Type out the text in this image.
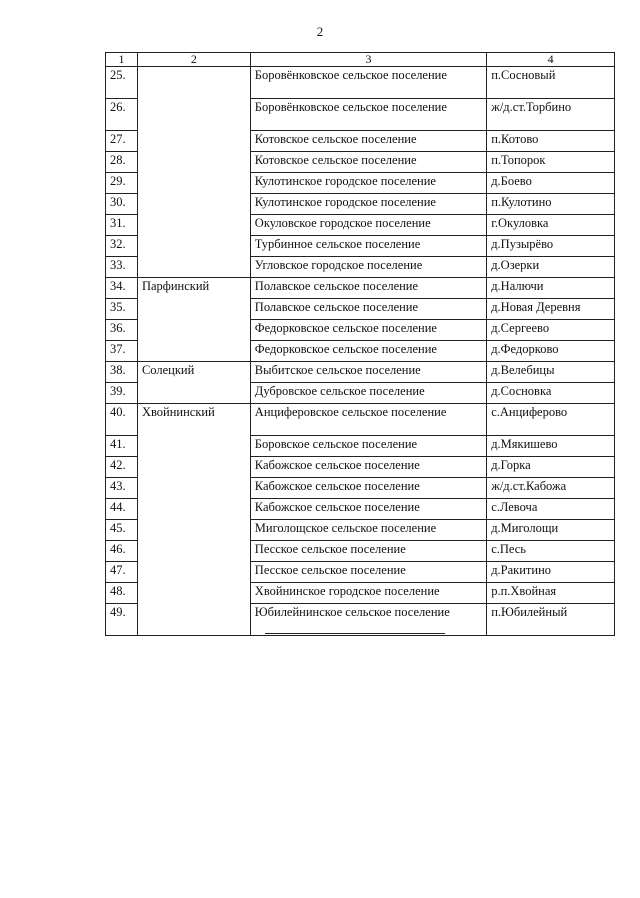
2
1	2	3	4
25.		Боровёнковское сельское поселение	п.Сосновый
26.		Боровёнковское сельское поселение	ж/д.ст.Торбино
27.		Котовское сельское поселение	п.Котово
28.		Котовское сельское поселение	п.Топорок
29.		Кулотинское городское поселение	д.Боево
30.		Кулотинское городское поселение	п.Кулотино
31.		Окуловское городское поселение	г.Окуловка
32.		Турбинное сельское поселение	д.Пузырёво
33.		Угловское городское поселение	д.Озерки
34.	Парфинский	Полавское сельское поселение	д.Налючи
35.		Полавское сельское поселение	д.Новая Деревня
36.		Федорковское сельское поселение	д.Сергеево
37.		Федорковское сельское поселение	д.Федорково
38.	Солецкий	Выбитское сельское поселение	д.Велебицы
39.		Дубровское сельское поселение	д.Сосновка
40.	Хвойнинский	Анциферовское сельское поселение	с.Анциферово
41.		Боровское сельское поселение	д.Мякишево
42.		Кабожское сельское поселение	д.Горка
43.		Кабожское сельское поселение	ж/д.ст.Кабожа
44.		Кабожское сельское поселение	с.Левоча
45.		Миголощское сельское поселение	д.Миголощи
46.		Песское сельское поселение	с.Песь
47.		Песское сельское поселение	д.Ракитино
48.		Хвойнинское городское поселение	р.п.Хвойная
49.		Юбилейнинское сельское поселение	п.Юбилейный
